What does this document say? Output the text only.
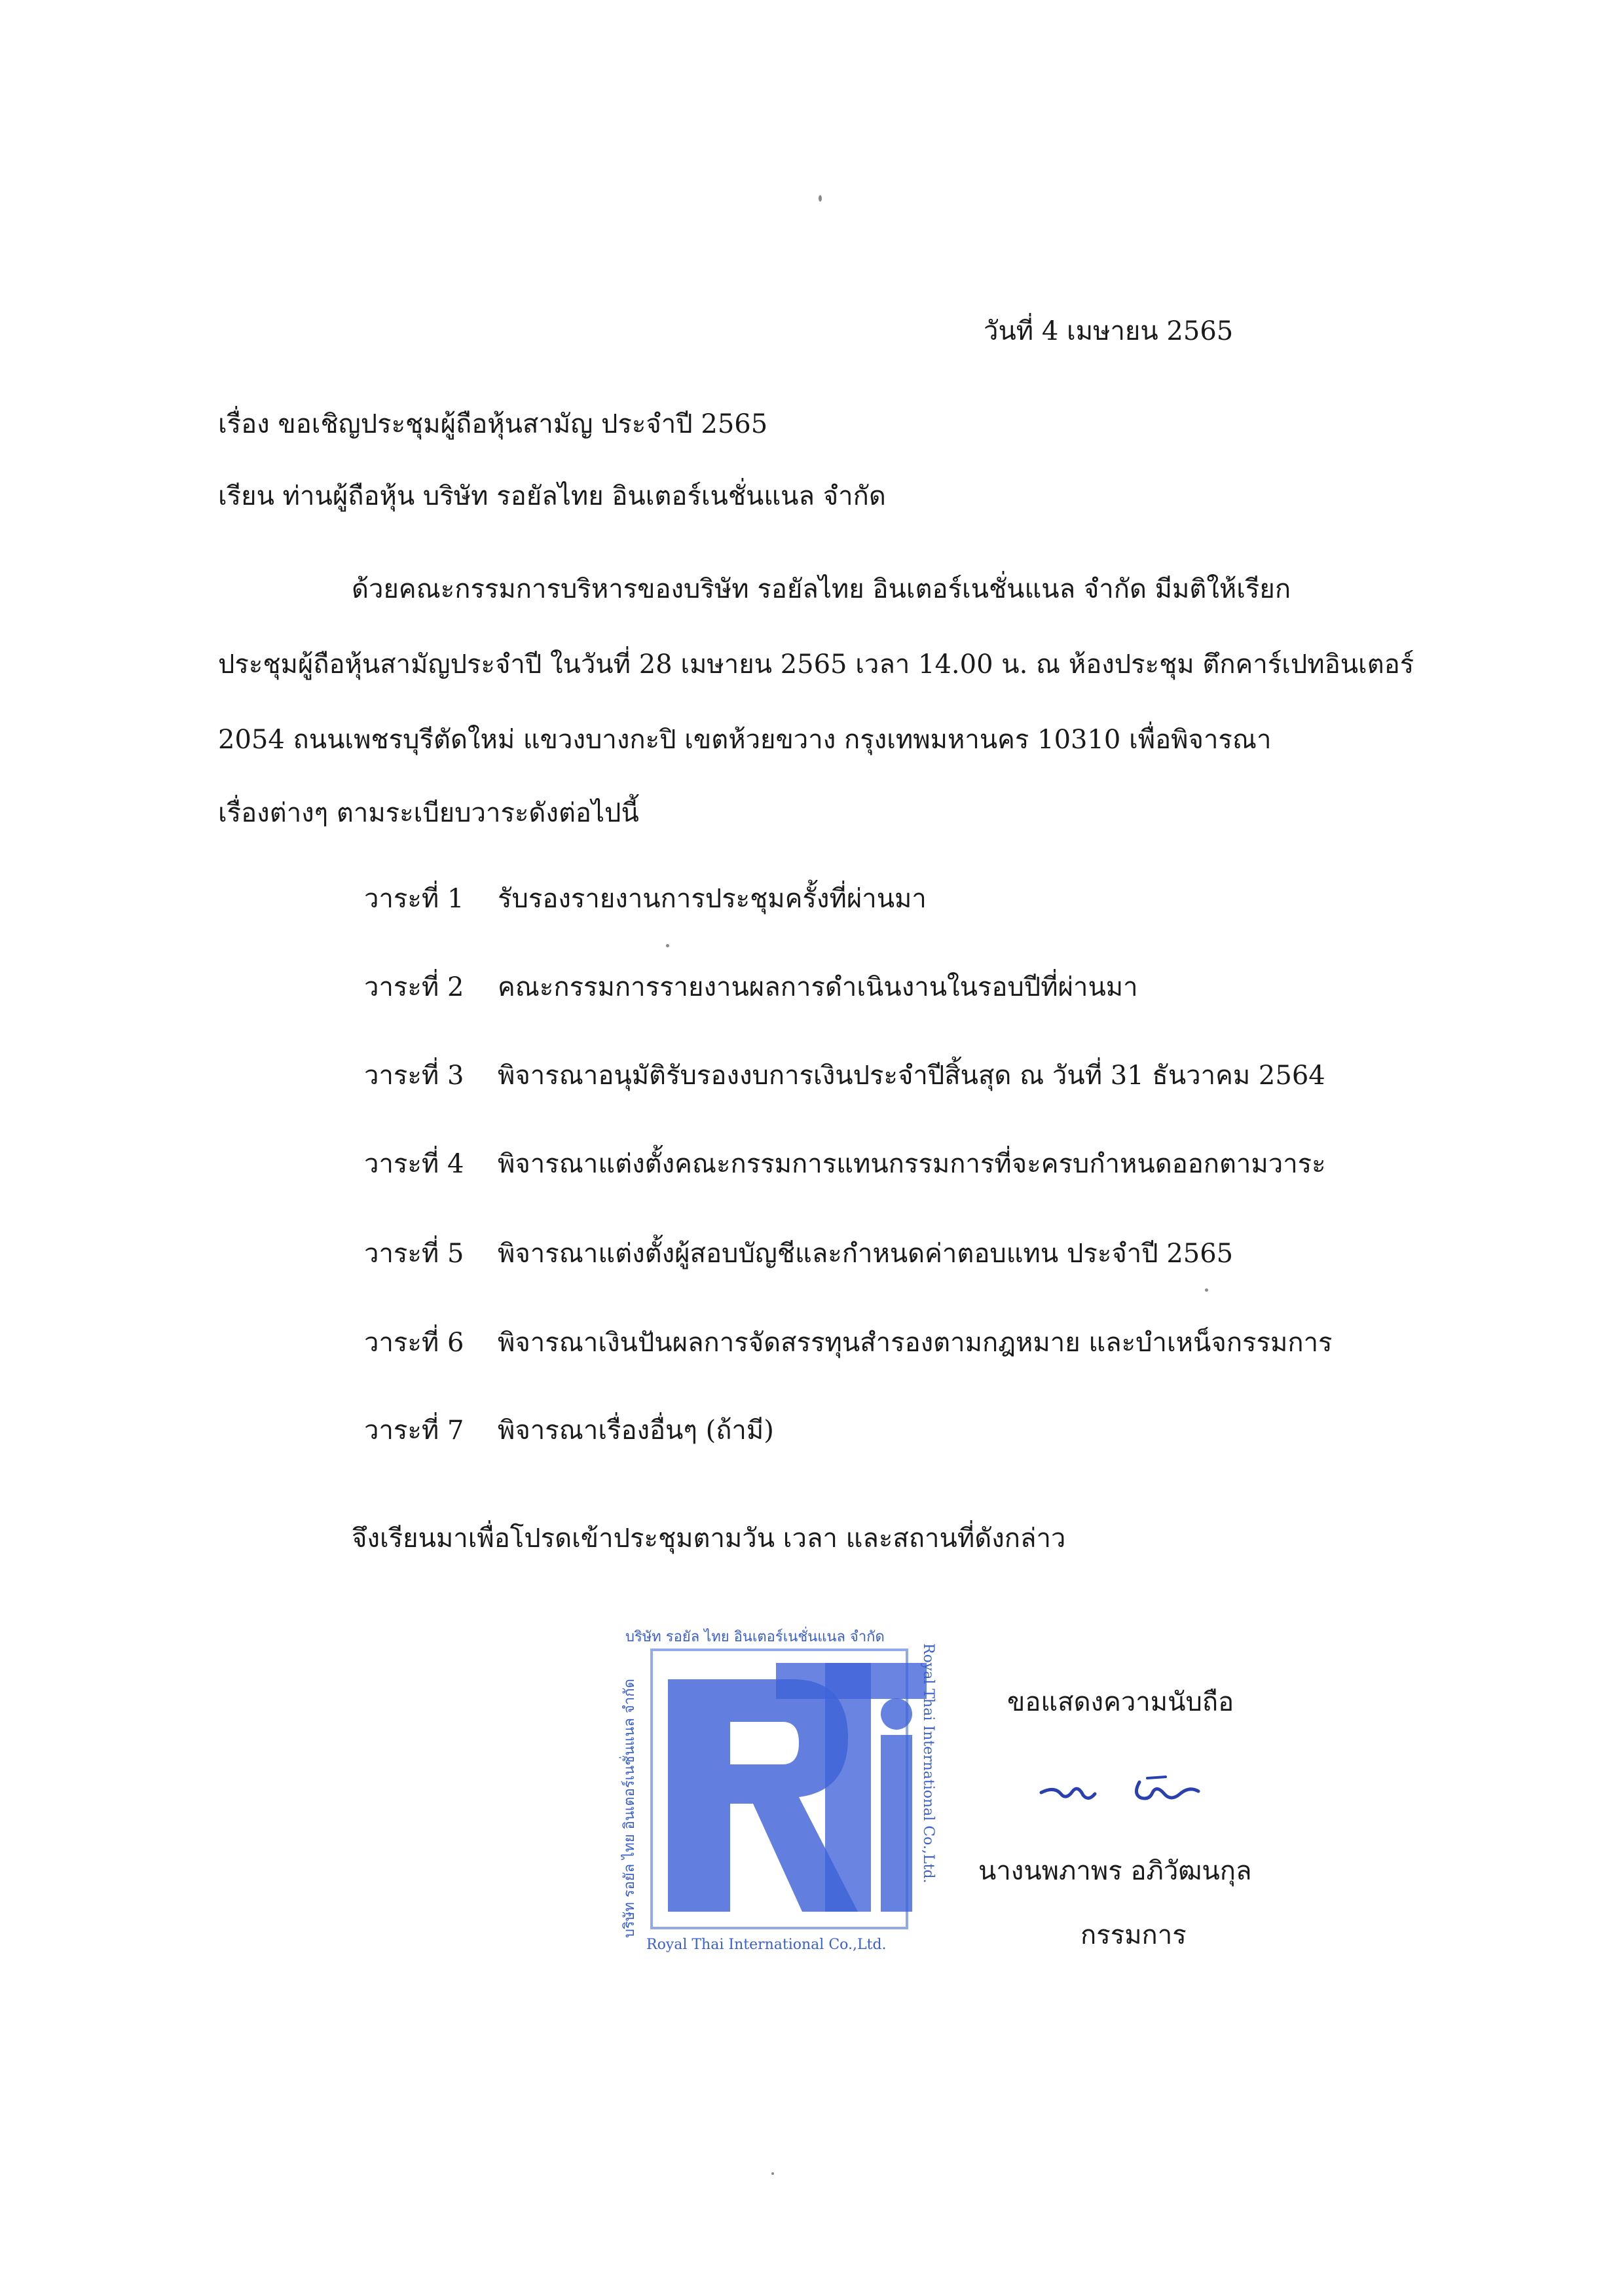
วันที่ 4 เมษายน 2565
เรื่อง ขอเชิญประชุมผู้ถือหุ้นสามัญ ประจำปี 2565
เรียน ท่านผู้ถือหุ้น บริษัท รอยัลไทย อินเตอร์เนชั่นแนล จำกัด
ด้วยคณะกรรมการบริหารของบริษัท รอยัลไทย อินเตอร์เนชั่นแนล จำกัด มีมติให้เรียก
ประชุมผู้ถือหุ้นสามัญประจำปี ในวันที่ 28 เมษายน 2565 เวลา 14.00 น. ณ ห้องประชุม ตึกคาร์เปทอินเตอร์
2054 ถนนเพชรบุรีตัดใหม่ แขวงบางกะปิ เขตห้วยขวาง กรุงเทพมหานคร 10310 เพื่อพิจารณา
เรื่องต่างๆ ตามระเบียบวาระดังต่อไปนี้
วาระที่ 1 รับรองรายงานการประชุมครั้งที่ผ่านมา
วาระที่ 2 คณะกรรมการรายงานผลการดำเนินงานในรอบปีที่ผ่านมา
วาระที่ 3 พิจารณาอนุมัติรับรองงบการเงินประจำปีสิ้นสุด ณ วันที่ 31 ธันวาคม 2564
วาระที่ 4 พิจารณาแต่งตั้งคณะกรรมการแทนกรรมการที่จะครบกำหนดออกตามวาระ
วาระที่ 5 พิจารณาแต่งตั้งผู้สอบบัญชีและกำหนดค่าตอบแทน ประจำปี 2565
วาระที่ 6 พิจารณาเงินปันผลการจัดสรรทุนสำรองตามกฎหมาย และบำเหน็จกรรมการ
วาระที่ 7 พิจารณาเรื่องอื่นๆ (ถ้ามี)
จึงเรียนมาเพื่อโปรดเข้าประชุมตามวัน เวลา และสถานที่ดังกล่าว
บริษัท รอยัล ไทย อินเตอร์เนชั่นแนล จำกัด
Royal Thai International Co.,Ltd.
Royal Thai International Co.,Ltd.
บริษัท รอยัล ไทย อินเตอร์เนชั่นแนล จำกัด	ขอแสดงความนับถือ
นางนพภาพร อภิวัฒนกุล
กรรมการ
